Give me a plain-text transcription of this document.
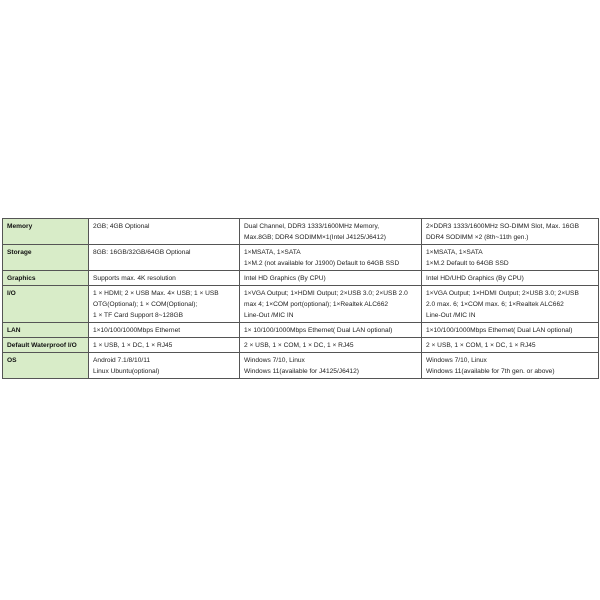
Memory	2GB; 4GB Optional	Dual Channel, DDR3 1333/1600MHz Memory,
Max.8GB; DDR4 SODIMM×1(Intel J4125/J6412)	2×DDR3 1333/1600MHz SO-DIMM Slot, Max. 16GB
DDR4 SODIMM ×2 (8th~11th gen.)

Storage	8GB: 16GB/32GB/64GB Optional	1×MSATA, 1×SATA
1×M.2 (not available for J1900) Default to 64GB SSD	1×MSATA, 1×SATA
1×M.2 Default to 64GB SSD

Graphics	Supports max. 4K resolution	Intel HD Graphics (By CPU)	Intel HD/UHD Graphics (By CPU)

I/O	1 × HDMI; 2 × USB Max. 4× USB; 1 × USB
OTG(Optional); 1 × COM(Optional);
1 × TF Card Support 8~128GB	1×VGA Output; 1×HDMI Output; 2×USB 3.0; 2×USB 2.0
max 4; 1×COM port(optional); 1×Realtek ALC662
Line-Out /MIC IN	1×VGA Output; 1×HDMI Output; 2×USB 3.0; 2×USB
2.0 max. 6; 1×COM max. 6; 1×Realtek ALC662
Line-Out /MIC IN

LAN	1×10/100/1000Mbps Ethernet	1× 10/100/1000Mbps Ethernet( Dual LAN optional)	1×10/100/1000Mbps Ethernet( Dual LAN optional)

Default Waterproof I/O	1 × USB, 1 × DC, 1 × RJ45	2 × USB, 1 × COM, 1 × DC, 1 × RJ45	2 × USB, 1 × COM, 1 × DC, 1 × RJ45

OS	Android 7.1/8/10/11
Linux Ubuntu(optional)	Windows 7/10, Linux
Windows 11(available for J4125/J6412)	Windows 7/10, Linux
Windows 11(available for 7th gen. or above)
